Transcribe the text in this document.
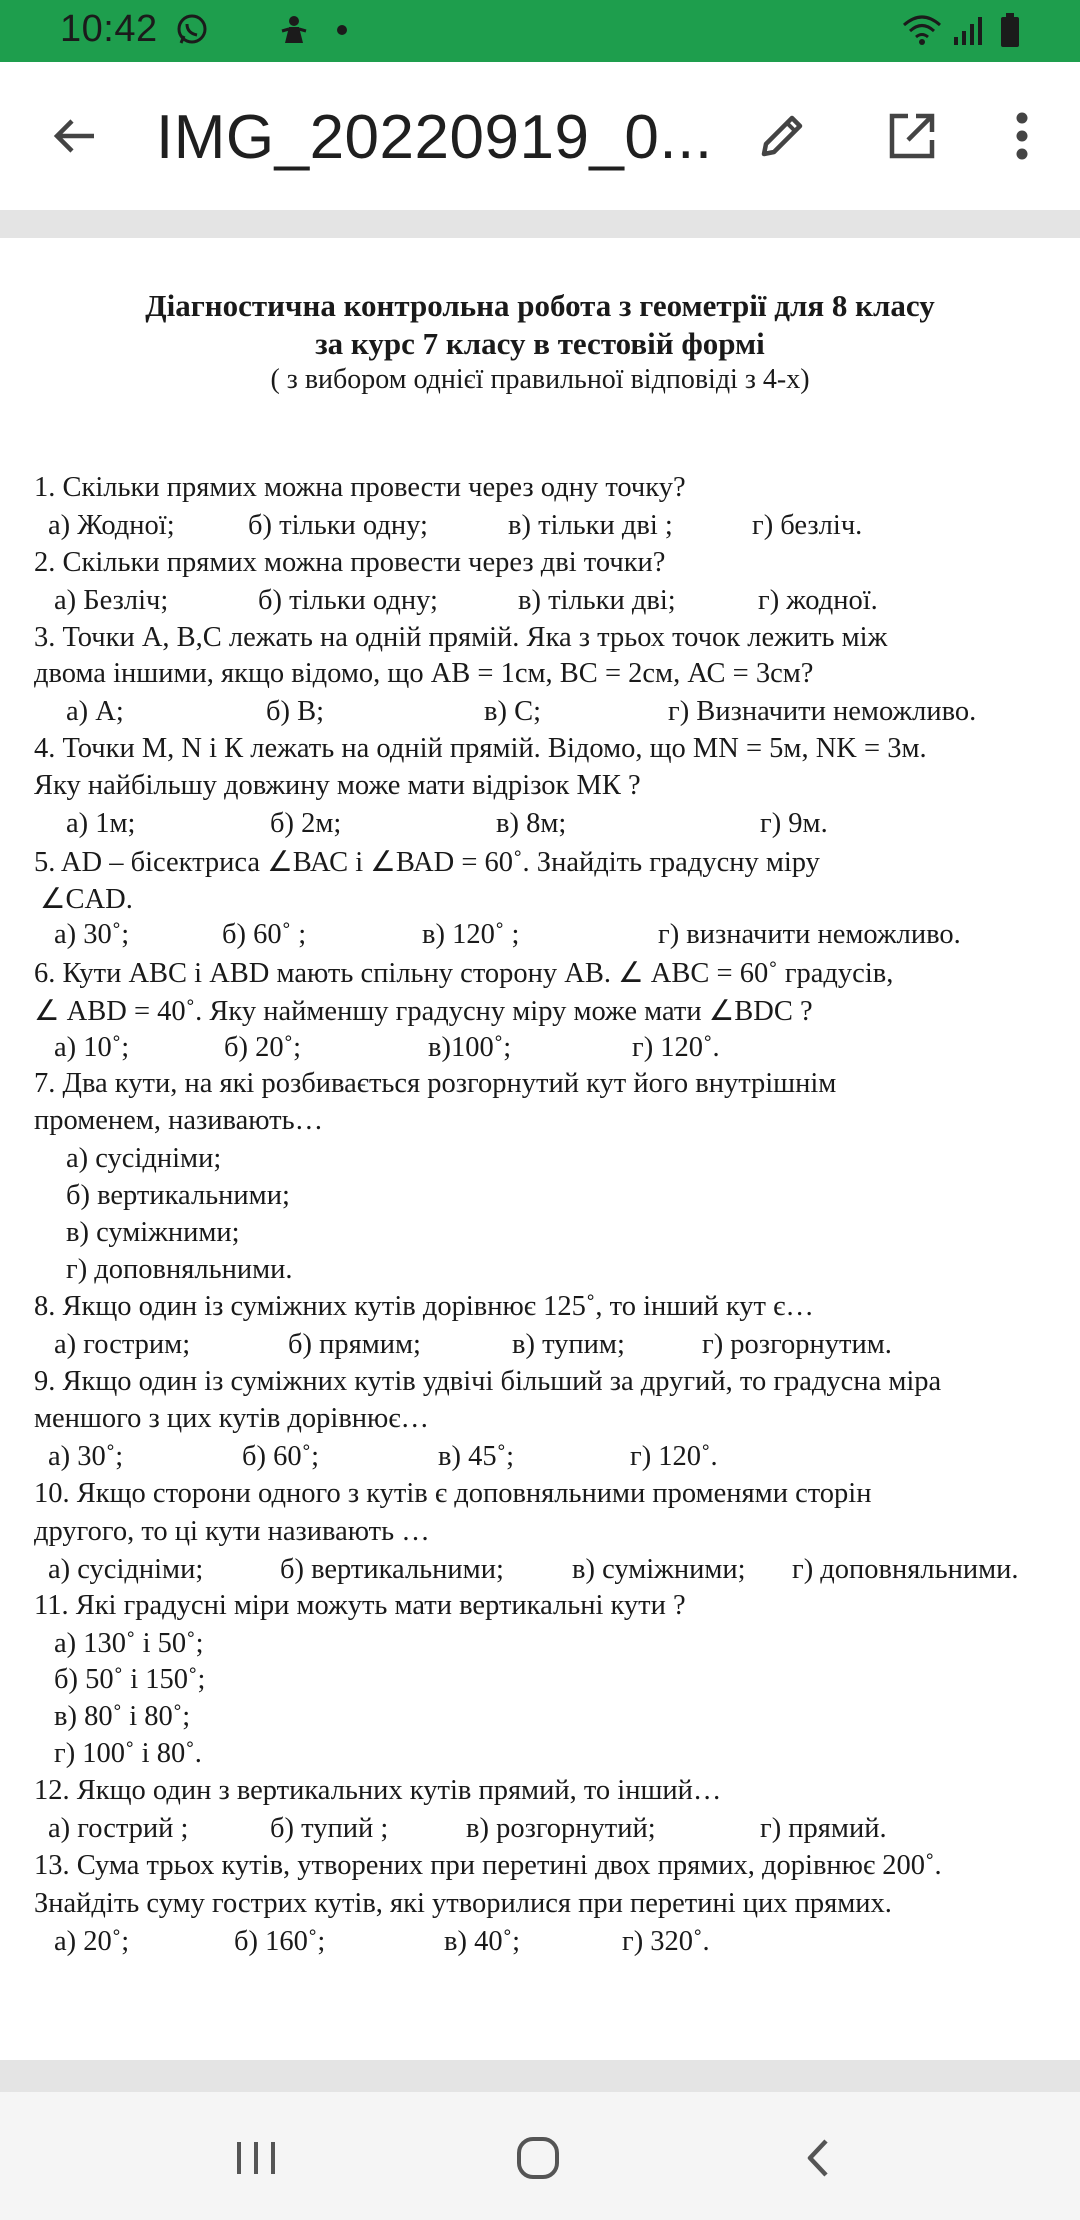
10:42
IMG_20220919_0...
Діагностична контрольна робота з геометрії для 8 класу
за курс 7 класу в тестовій формі
( з вибором однієї правильної відповіді з 4-х)
1. Скільки прямих можна провести через одну точку?
а) Жодної;	б) тільки одну;	в) тільки дві ;	г) безліч.
2. Скільки прямих можна провести через дві точки?
а) Безліч;	б) тільки одну;	в) тільки дві;	г) жодної.
3. Точки А, В,С лежать на одній прямій. Яка з трьох точок лежить між
двома іншими, якщо відомо, що АВ = 1см, ВС = 2см, АС = 3см?
а) А;	б) В;	в) С;	г) Визначити неможливо.
4. Точки М, N і К лежать на одній прямій. Відомо, що MN = 5м, NK = 3м.
Яку найбільшу довжину може мати відрізок МК ?
а) 1м;	б) 2м;	в) 8м;	г) 9м.
5. AD – бісектриса ∠ВАС і ∠ВАD = 60˚. Знайдіть градусну міру
∠CAD.
а) 30˚;	б) 60˚ ;	в) 120˚ ;	г) визначити неможливо.
6. Кути АВС і АВD мають спільну сторону АВ. ∠ АВС = 60˚ градусів,
∠ АВD = 40˚. Яку найменшу градусну міру може мати ∠ВDС ?
а) 10˚;	б) 20˚;	в)100˚;	г) 120˚.
7. Два кути, на які розбивається розгорнутий кут його внутрішнім
променем, називають…
а) сусідніми;
б) вертикальними;
в) суміжними;
г) доповняльними.
8. Якщо один із суміжних кутів дорівнює 125˚, то інший кут є…
а) гострим;	б) прямим;	в) тупим;	г) розгорнутим.
9. Якщо один із суміжних кутів удвічі більший за другий, то градусна міра
меншого з цих кутів дорівнює…
а) 30˚;	б) 60˚;	в) 45˚;	г) 120˚.
10. Якщо сторони одного з кутів є доповняльними променями сторін
другого, то ці кути називають …
а) сусідніми;	б) вертикальними; в) суміжними; г) доповняльними.
11. Які градусні міри можуть мати вертикальні кути ?
а) 130˚ і 50˚;
б) 50˚ і 150˚;
в) 80˚ і 80˚;
г) 100˚ і 80˚.
12. Якщо один з вертикальних кутів прямий, то інший…
а) гострий ;	б) тупий ;	в) розгорнутий;	г) прямий.
13. Сума трьох кутів, утворених при перетині двох прямих, дорівнює 200˚.
Знайдіть суму гострих кутів, які утворилися при перетині цих прямих.
а) 20˚;	б) 160˚;	в) 40˚;	г) 320˚.
